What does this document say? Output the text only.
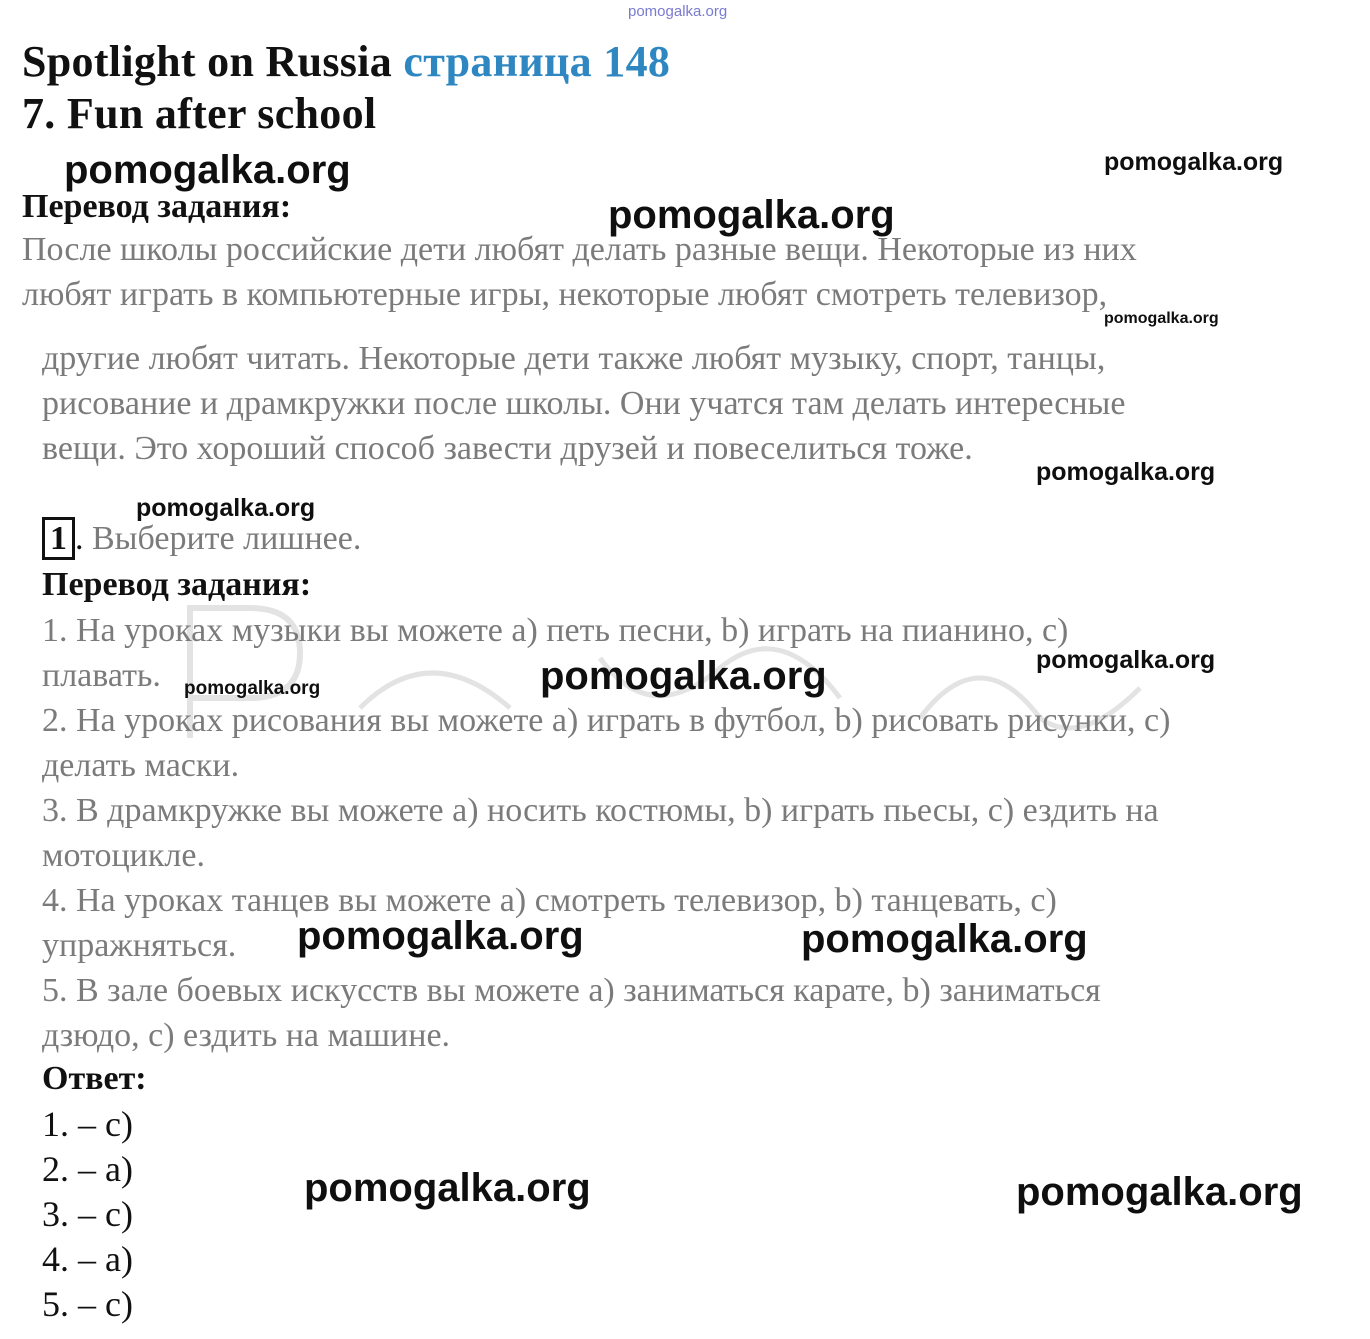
pomogalka.org
Spotlight on Russia страница 148
7. Fun after school
Перевод задания:
После школы российские дети любят делать разные вещи. Некоторые из них
любят играть в компьютерные игры, некоторые любят смотреть телевизор,
другие любят читать. Некоторые дети также любят музыку, спорт, танцы,
рисование и драмкружки после школы. Они учатся там делать интересные
вещи. Это хороший способ завести друзей и повеселиться тоже.
1 . Выберите лишнее.
Перевод задания:
1. На уроках музыки вы можете a) петь песни, b) играть на пианино, c)
плавать.
2. На уроках рисования вы можете a) играть в футбол, b) рисовать рисунки, c)
делать маски.
3. В драмкружке вы можете a) носить костюмы, b) играть пьесы, c) ездить на
мотоцикле.
4. На уроках танцев вы можете a) смотреть телевизор, b) танцевать, c)
упражняться.
5. В зале боевых искусств вы можете a) заниматься карате, b) заниматься
дзюдо, c) ездить на машине.
Ответ:
1. – c)
2. – a)
3. – c)
4. – a)
5. – c)
pomogalka.org	pomogalka.org
pomogalka.org
pomogalka.org
pomogalka.org
pomogalka.org
pomogalka.org	pomogalka.org
pomogalka.org
pomogalka.org	pomogalka.org
pomogalka.org	pomogalka.org
